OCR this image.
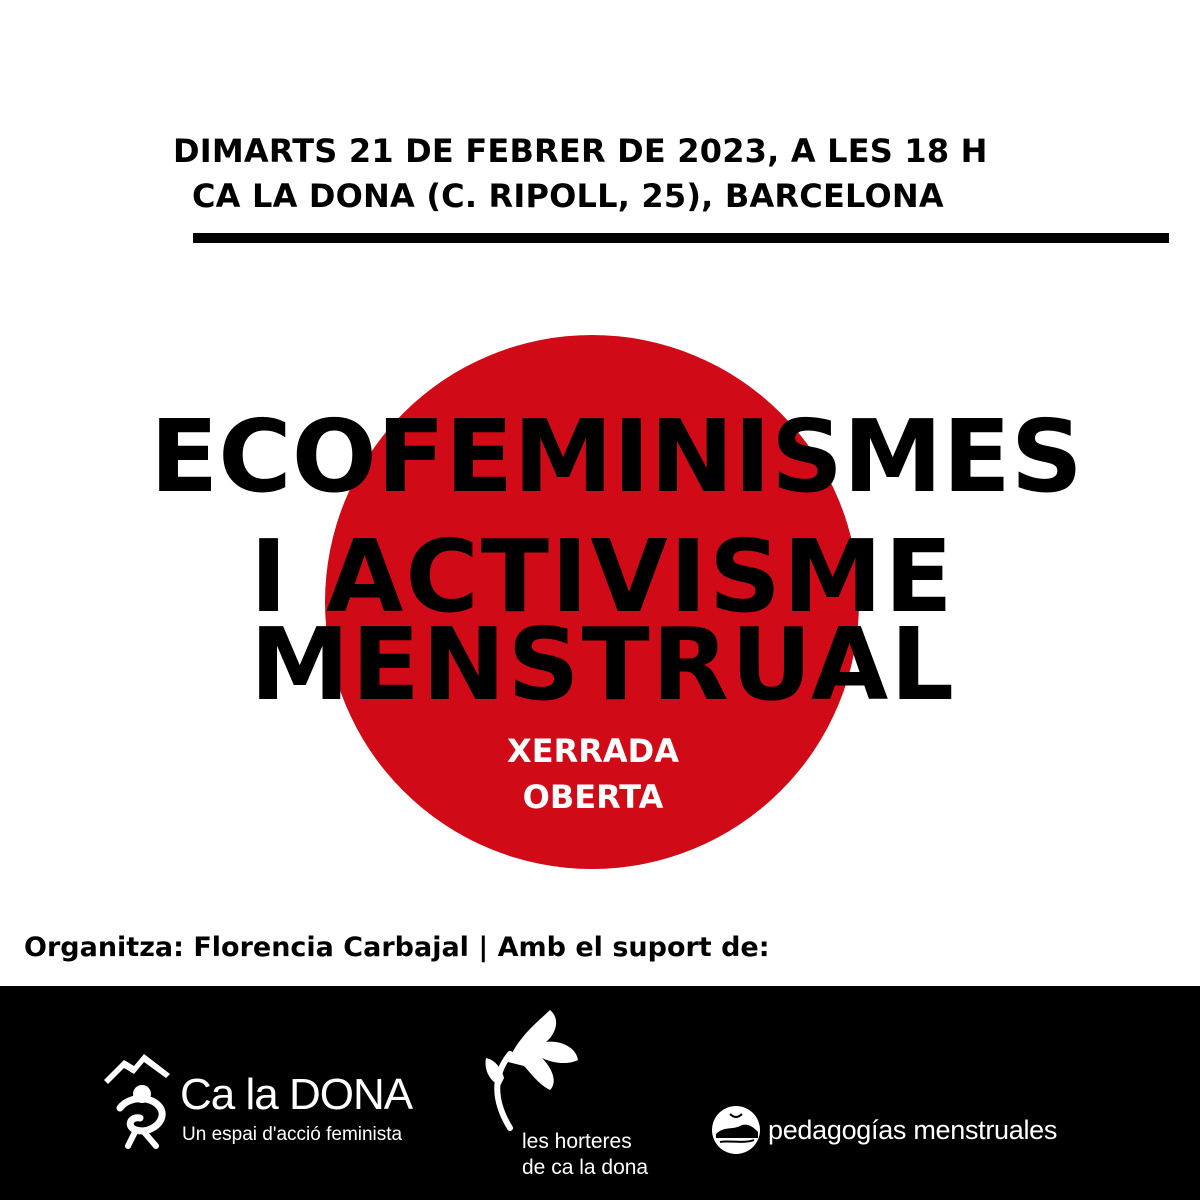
DIMARTS 21 DE FEBRER DE 2023, A LES 18 H
CA LA DONA (C. RIPOLL, 25), BARCELONA
ECOFEMINISMES
I ACTIVISME
MENSTRUAL
XERRADA
OBERTA
Organitza: Florencia Carbajal | Amb el suport de:
Ca la DONA
Un espai d'acció feminista	les horteres
de ca la dona
pedagogías menstruales
